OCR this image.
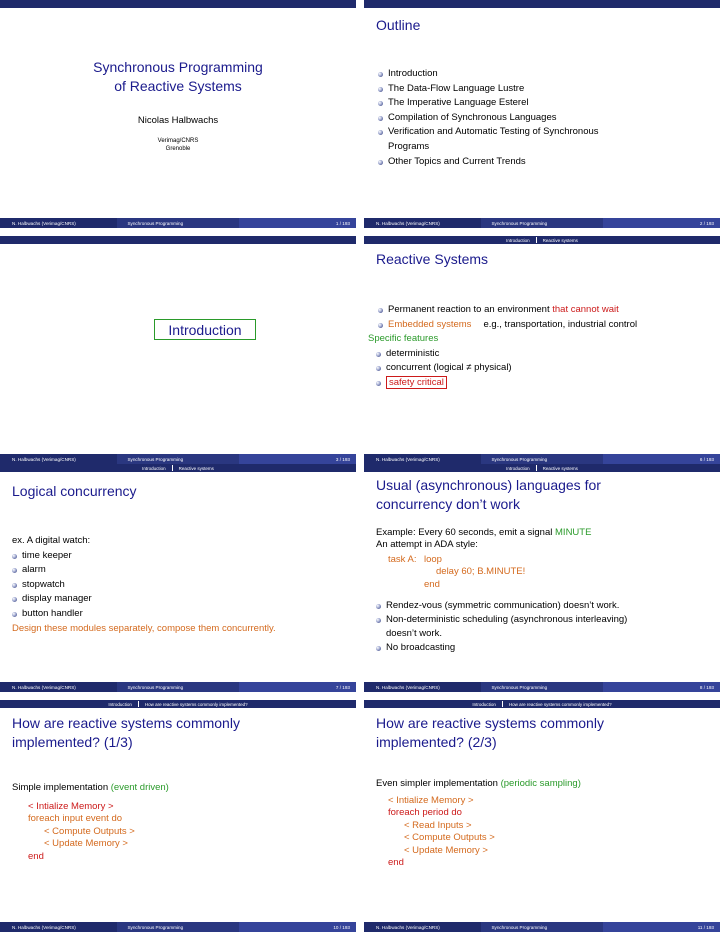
Synchronous Programming
of Reactive Systems
Nicolas Halbwachs
Verimag/CNRS
Grenoble
N. Halbwachs (Verimag/CNRS)	Synchronous Programming	1 / 193
Outline
Introduction
The Data-Flow Language Lustre
The Imperative Language Esterel
Compilation of Synchronous Languages
Verification and Automatic Testing of Synchronous
Programs
Other Topics and Current Trends
N. Halbwachs (Verimag/CNRS)	Synchronous Programming	2 / 193
Introduction
N. Halbwachs (Verimag/CNRS)	Synchronous Programming	3 / 193
Introduction	Reactive systems
Reactive Systems
Permanent reaction to an environment that cannot wait
Embedded systems e.g., transportation, industrial control
Specific features
deterministic
concurrent (logical ≠ physical)
safety critical
N. Halbwachs (Verimag/CNRS)	Synchronous Programming	6 / 193
Introduction	Reactive systems
Logical concurrency
ex. A digital watch:
time keeper
alarm
stopwatch
display manager
button handler
Design these modules separately, compose them concurrently.
N. Halbwachs (Verimag/CNRS)	Synchronous Programming	7 / 193
Introduction	Reactive systems
Usual (asynchronous) languages for
concurrency don’t work
Example: Every 60 seconds, emit a signal MINUTE
An attempt in ADA style:
task A: loop
delay 60; B.MINUTE!
end
Rendez-vous (symmetric communication) doesn’t work.
Non-deterministic scheduling (asynchronous interleaving)
doesn’t work.
No broadcasting
N. Halbwachs (Verimag/CNRS)	Synchronous Programming	8 / 193
Introduction	How are reactive systems commonly implemented?
How are reactive systems commonly
implemented? (1/3)
Simple implementation (event driven)
< Intialize Memory >
foreach input event do
< Compute Outputs >
< Update Memory >
end
N. Halbwachs (Verimag/CNRS)	Synchronous Programming	10 / 193
Introduction	How are reactive systems commonly implemented?
How are reactive systems commonly
implemented? (2/3)
Even simpler implementation (periodic sampling)
< Intialize Memory >
foreach period do
< Read Inputs >
< Compute Outputs >
< Update Memory >
end
N. Halbwachs (Verimag/CNRS)	Synchronous Programming	11 / 193
